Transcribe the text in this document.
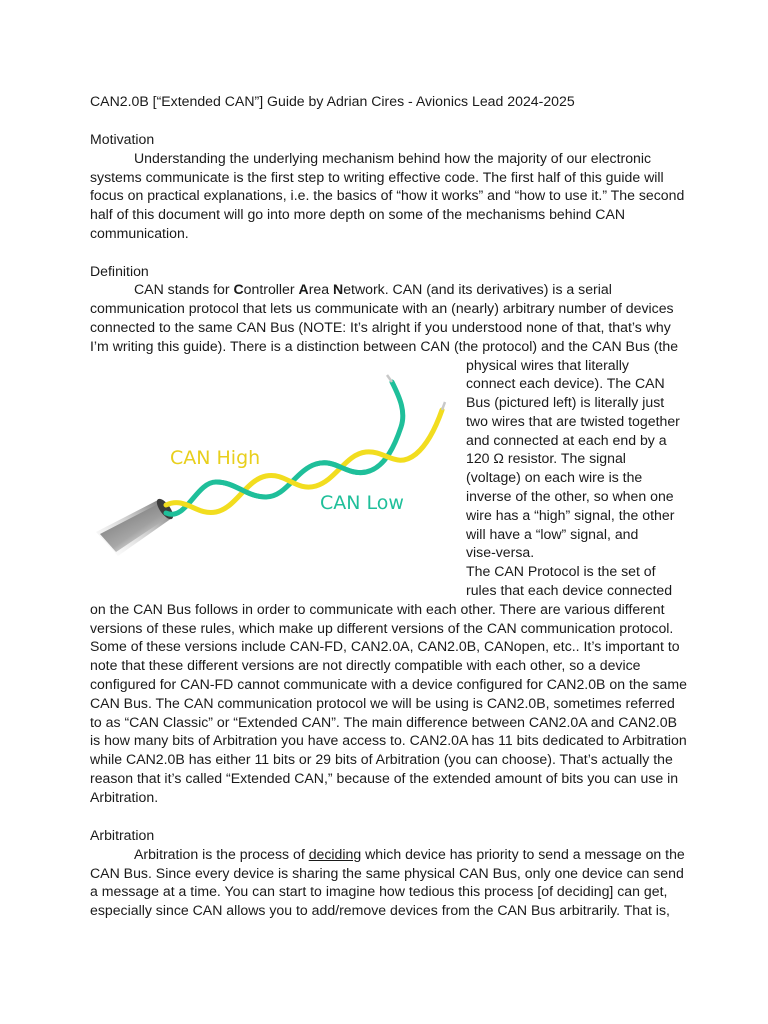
CAN2.0B [“Extended CAN”] Guide by Adrian Cires - Avionics Lead 2024-2025
Motivation
Understanding the underlying mechanism behind how the majority of our electronic
systems communicate is the first step to writing effective code. The first half of this guide will
focus on practical explanations, i.e. the basics of “how it works” and “how to use it.” The second
half of this document will go into more depth on some of the mechanisms behind CAN
communication.
Definition
CAN stands for Controller Area Network. CAN (and its derivatives) is a serial
communication protocol that lets us communicate with an (nearly) arbitrary number of devices
connected to the same CAN Bus (NOTE: It’s alright if you understood none of that, that’s why
I’m writing this guide). There is a distinction between CAN (the protocol) and the CAN Bus (the
physical wires that literally
connect each device). The CAN
Bus (pictured left) is literally just
two wires that are twisted together
and connected at each end by a
120 Ω resistor. The signal
(voltage) on each wire is the
inverse of the other, so when one
wire has a “high” signal, the other
will have a “low” signal, and
vise-versa.
The CAN Protocol is the set of
rules that each device connected
CAN High
CAN Low
on the CAN Bus follows in order to communicate with each other. There are various different
versions of these rules, which make up different versions of the CAN communication protocol.
Some of these versions include CAN-FD, CAN2.0A, CAN2.0B, CANopen, etc.. It’s important to
note that these different versions are not directly compatible with each other, so a device
configured for CAN-FD cannot communicate with a device configured for CAN2.0B on the same
CAN Bus. The CAN communication protocol we will be using is CAN2.0B, sometimes referred
to as “CAN Classic” or “Extended CAN”. The main difference between CAN2.0A and CAN2.0B
is how many bits of Arbitration you have access to. CAN2.0A has 11 bits dedicated to Arbitration
while CAN2.0B has either 11 bits or 29 bits of Arbitration (you can choose). That’s actually the
reason that it’s called “Extended CAN,” because of the extended amount of bits you can use in
Arbitration.
Arbitration
Arbitration is the process of deciding which device has priority to send a message on the
CAN Bus. Since every device is sharing the same physical CAN Bus, only one device can send
a message at a time. You can start to imagine how tedious this process [of deciding] can get,
especially since CAN allows you to add/remove devices from the CAN Bus arbitrarily. That is,
